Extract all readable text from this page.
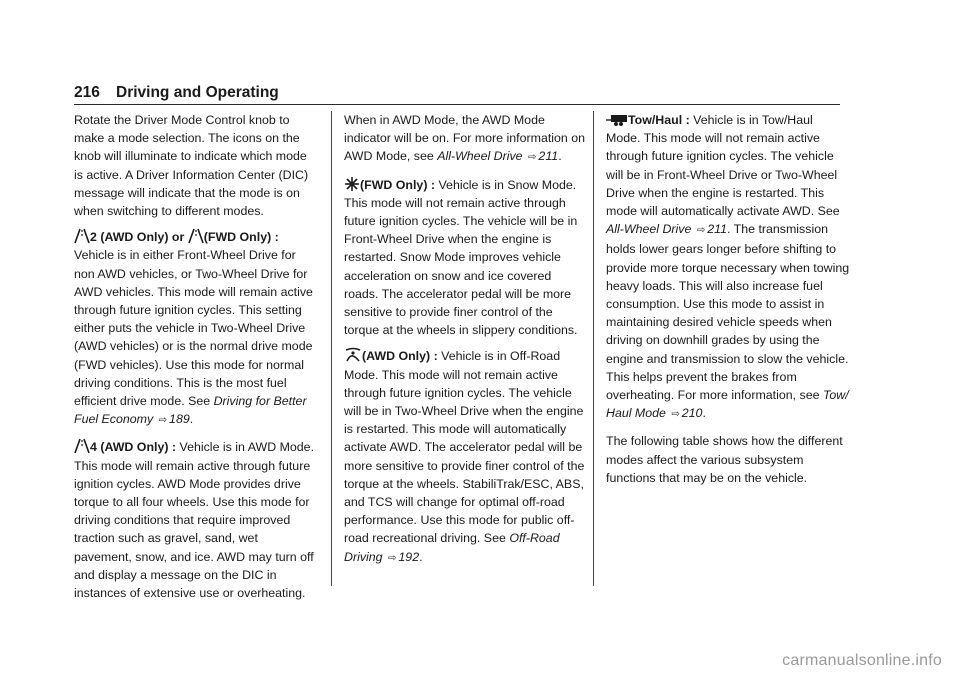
216 Driving and Operating

Rotate the Driver Mode Control knob to make a mode selection. The icons on the knob will illuminate to indicate which mode is active. A Driver Information Center (DIC) message will indicate that the mode is on when switching to different modes.

2 (AWD Only) or (FWD Only) : Vehicle is in either Front-Wheel Drive for non AWD vehicles, or Two-Wheel Drive for AWD vehicles. This mode will remain active through future ignition cycles. This setting either puts the vehicle in Two-Wheel Drive (AWD vehicles) or is the normal drive mode (FWD vehicles). Use this mode for normal driving conditions. This is the most fuel efficient drive mode. See Driving for Better Fuel Economy ⇨ 189.

4 (AWD Only) : Vehicle is in AWD Mode. This mode will remain active through future ignition cycles. AWD Mode provides drive torque to all four wheels. Use this mode for driving conditions that require improved traction such as gravel, sand, wet pavement, snow, and ice. AWD may turn off and display a message on the DIC in instances of extensive use or overheating.

When in AWD Mode, the AWD Mode indicator will be on. For more information on AWD Mode, see All-Wheel Drive ⇨ 211.

(FWD Only) : Vehicle is in Snow Mode. This mode will not remain active through future ignition cycles. The vehicle will be in Front-Wheel Drive when the engine is restarted. Snow Mode improves vehicle acceleration on snow and ice covered roads. The accelerator pedal will be more sensitive to provide finer control of the torque at the wheels in slippery conditions.

(AWD Only) : Vehicle is in Off-Road Mode. This mode will not remain active through future ignition cycles. The vehicle will be in Two-Wheel Drive when the engine is restarted. This mode will automatically activate AWD. The accelerator pedal will be more sensitive to provide finer control of the torque at the wheels. StabiliTrak/ESC, ABS, and TCS will change for optimal off-road performance. Use this mode for public off-road recreational driving. See Off-Road Driving ⇨ 192.

Tow/Haul : Vehicle is in Tow/Haul Mode. This mode will not remain active through future ignition cycles. The vehicle will be in Front-Wheel Drive or Two-Wheel Drive when the engine is restarted. This mode will automatically activate AWD. See All-Wheel Drive ⇨ 211. The transmission holds lower gears longer before shifting to provide more torque necessary when towing heavy loads. This will also increase fuel consumption. Use this mode to assist in maintaining desired vehicle speeds when driving on downhill grades by using the engine and transmission to slow the vehicle. This helps prevent the brakes from overheating. For more information, see Tow/ Haul Mode ⇨ 210.

The following table shows how the different modes affect the various subsystem functions that may be on the vehicle.

carmanualsonline.info
